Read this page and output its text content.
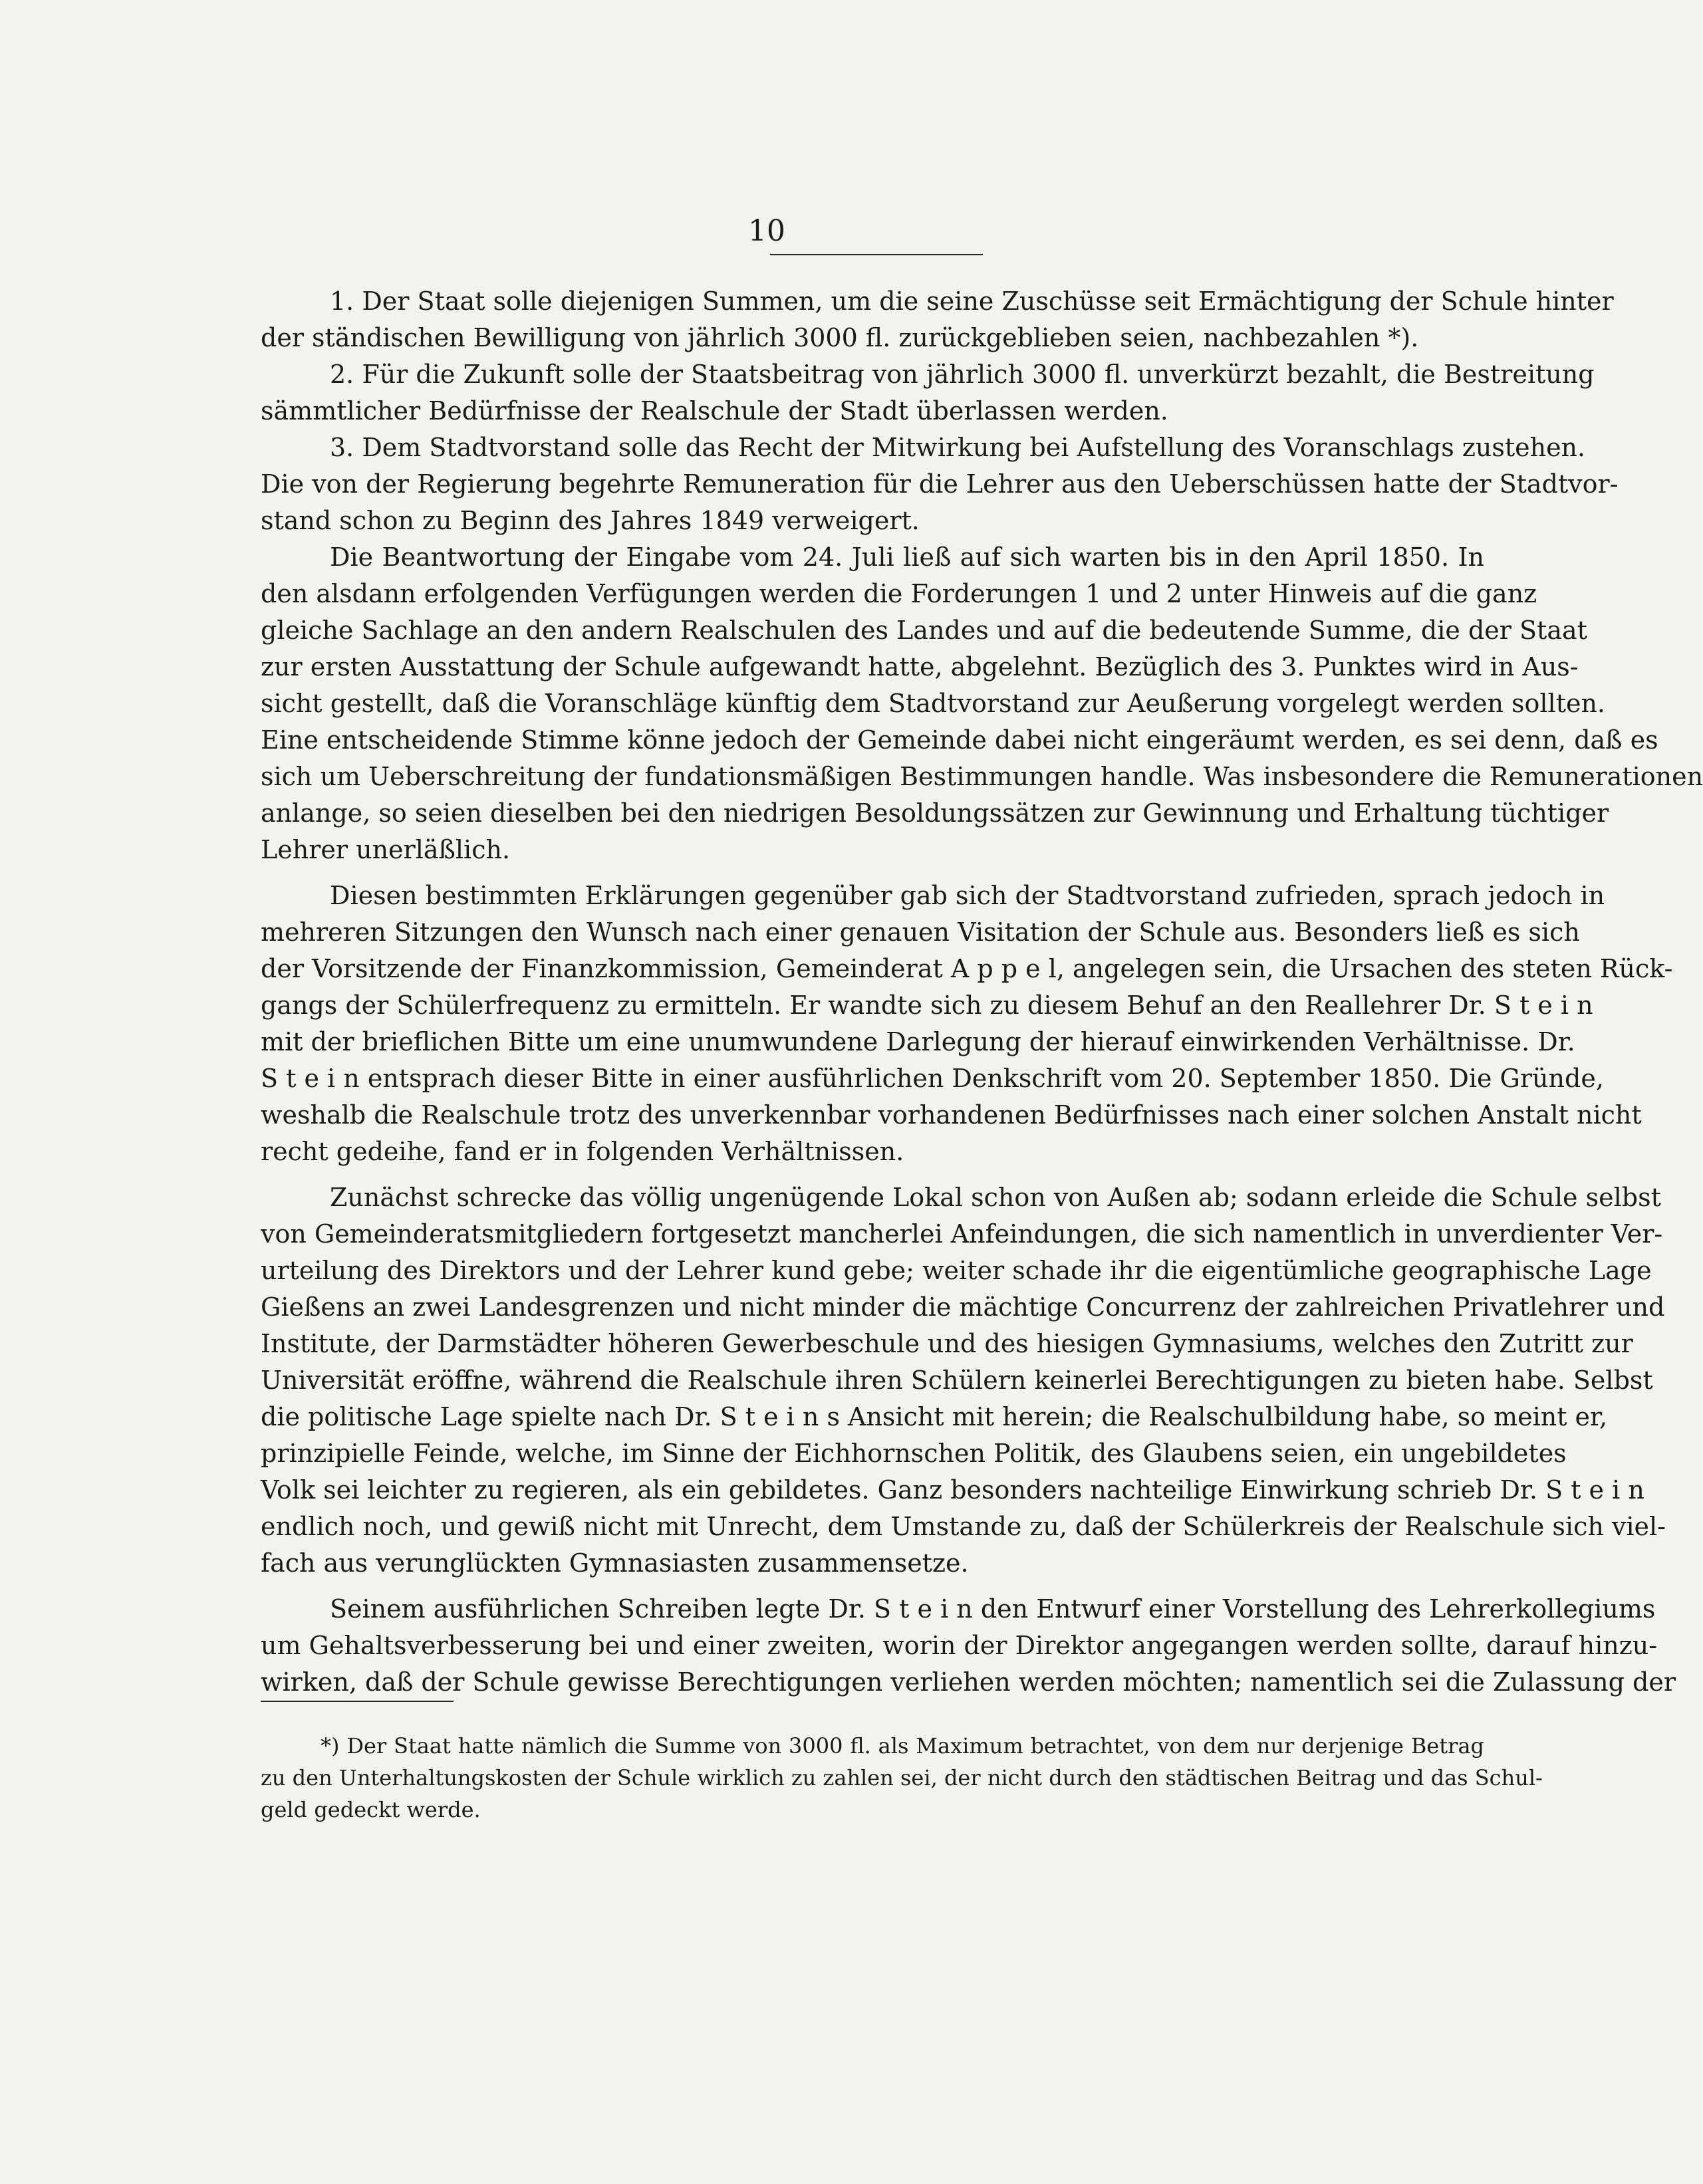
10
1. Der Staat solle diejenigen Summen, um die seine Zuschüsse seit Ermächtigung der Schule hinter
der ständischen Bewilligung von jährlich 3000 fl. zurückgeblieben seien, nachbezahlen *).
2. Für die Zukunft solle der Staatsbeitrag von jährlich 3000 fl. unverkürzt bezahlt, die Bestreitung
sämmtlicher Bedürfnisse der Realschule der Stadt überlassen werden.
3. Dem Stadtvorstand solle das Recht der Mitwirkung bei Aufstellung des Voranschlags zustehen.
Die von der Regierung begehrte Remuneration für die Lehrer aus den Ueberschüssen hatte der Stadtvor-
stand schon zu Beginn des Jahres 1849 verweigert.
Die Beantwortung der Eingabe vom 24. Juli ließ auf sich warten bis in den April 1850. In
den alsdann erfolgenden Verfügungen werden die Forderungen 1 und 2 unter Hinweis auf die ganz
gleiche Sachlage an den andern Realschulen des Landes und auf die bedeutende Summe, die der Staat
zur ersten Ausstattung der Schule aufgewandt hatte, abgelehnt. Bezüglich des 3. Punktes wird in Aus-
sicht gestellt, daß die Voranschläge künftig dem Stadtvorstand zur Aeußerung vorgelegt werden sollten.
Eine entscheidende Stimme könne jedoch der Gemeinde dabei nicht eingeräumt werden, es sei denn, daß es
sich um Ueberschreitung der fundationsmäßigen Bestimmungen handle. Was insbesondere die Remunerationen
anlange, so seien dieselben bei den niedrigen Besoldungssätzen zur Gewinnung und Erhaltung tüchtiger
Lehrer unerläßlich.
Diesen bestimmten Erklärungen gegenüber gab sich der Stadtvorstand zufrieden, sprach jedoch in
mehreren Sitzungen den Wunsch nach einer genauen Visitation der Schule aus. Besonders ließ es sich
der Vorsitzende der Finanzkommission, Gemeinderat A p p e l, angelegen sein, die Ursachen des steten Rück-
gangs der Schülerfrequenz zu ermitteln. Er wandte sich zu diesem Behuf an den Reallehrer Dr. S t e i n
mit der brieflichen Bitte um eine unumwundene Darlegung der hierauf einwirkenden Verhältnisse. Dr.
S t e i n entsprach dieser Bitte in einer ausführlichen Denkschrift vom 20. September 1850. Die Gründe,
weshalb die Realschule trotz des unverkennbar vorhandenen Bedürfnisses nach einer solchen Anstalt nicht
recht gedeihe, fand er in folgenden Verhältnissen.
Zunächst schrecke das völlig ungenügende Lokal schon von Außen ab; sodann erleide die Schule selbst
von Gemeinderatsmitgliedern fortgesetzt mancherlei Anfeindungen, die sich namentlich in unverdienter Ver-
urteilung des Direktors und der Lehrer kund gebe; weiter schade ihr die eigentümliche geographische Lage
Gießens an zwei Landesgrenzen und nicht minder die mächtige Concurrenz der zahlreichen Privatlehrer und
Institute, der Darmstädter höheren Gewerbeschule und des hiesigen Gymnasiums, welches den Zutritt zur
Universität eröffne, während die Realschule ihren Schülern keinerlei Berechtigungen zu bieten habe. Selbst
die politische Lage spielte nach Dr. S t e i n s Ansicht mit herein; die Realschulbildung habe, so meint er,
prinzipielle Feinde, welche, im Sinne der Eichhornschen Politik, des Glaubens seien, ein ungebildetes
Volk sei leichter zu regieren, als ein gebildetes. Ganz besonders nachteilige Einwirkung schrieb Dr. S t e i n
endlich noch, und gewiß nicht mit Unrecht, dem Umstande zu, daß der Schülerkreis der Realschule sich viel-
fach aus verunglückten Gymnasiasten zusammensetze.
Seinem ausführlichen Schreiben legte Dr. S t e i n den Entwurf einer Vorstellung des Lehrerkollegiums
um Gehaltsverbesserung bei und einer zweiten, worin der Direktor angegangen werden sollte, darauf hinzu-
wirken, daß der Schule gewisse Berechtigungen verliehen werden möchten; namentlich sei die Zulassung der
*) Der Staat hatte nämlich die Summe von 3000 fl. als Maximum betrachtet, von dem nur derjenige Betrag
zu den Unterhaltungskosten der Schule wirklich zu zahlen sei, der nicht durch den städtischen Beitrag und das Schul-
geld gedeckt werde.
